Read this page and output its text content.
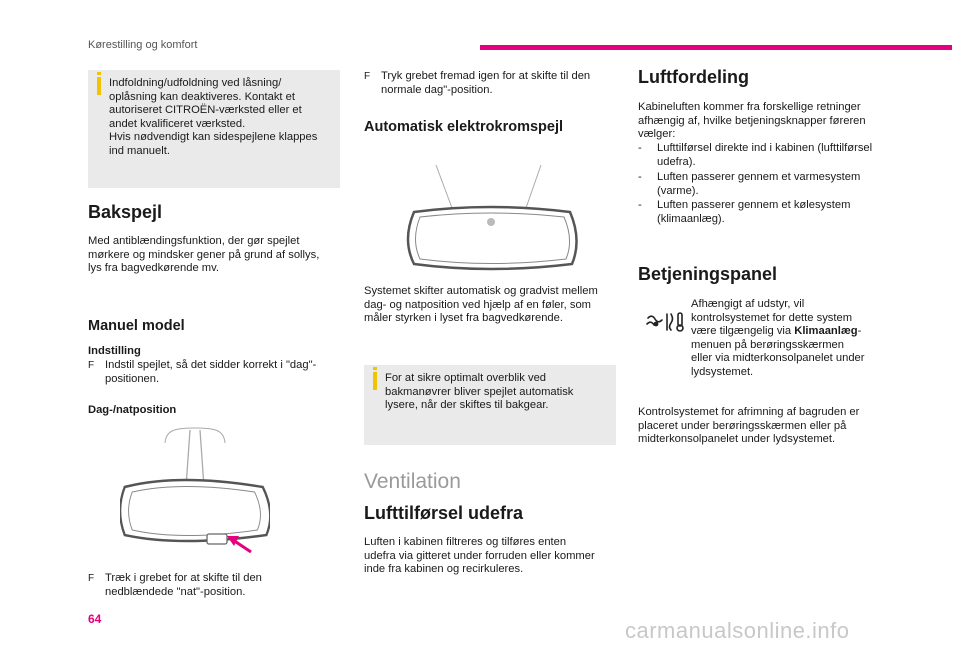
Kørestilling og komfort

Indfoldning/udfoldning ved låsning/
oplåsning kan deaktiveres. Kontakt et
autoriseret CITROËN-værksted eller et
andet kvalificeret værksted.
Hvis nødvendigt kan sidespejlene klappes
ind manuelt.

Bakspejl

Med antiblændingsfunktion, der gør spejlet
mørkere og mindsker gener på grund af sollys,
lys fra bagvedkørende mv.

Manuel model
Indstilling
F Indstil spejlet, så det sidder korrekt i "dag"-
positionen.
Dag-/natposition
F Træk i grebet for at skifte til den
nedblændede "nat"-position.
F Tryk grebet fremad igen for at skifte til den
normale dag"-position.
Automatisk elektrokromspejl

Systemet skifter automatisk og gradvist mellem
dag- og natposition ved hjælp af en føler, som
måler styrken i lyset fra bagvedkørende.

For at sikre optimalt overblik ved
bakmanøvrer bliver spejlet automatisk
lysere, når der skiftes til bakgear.

Ventilation
Lufttilførsel udefra

Luften i kabinen filtreres og tilføres enten
udefra via gitteret under forruden eller kommer
inde fra kabinen og recirkuleres.

Luftfordeling

Kabineluften kommer fra forskellige retninger
afhængig af, hvilke betjeningsknapper føreren
vælger:

- Lufttilførsel direkte ind i kabinen (lufttilførsel
udefra).
- Luften passerer gennem et varmesystem
(varme).
- Luften passerer gennem et kølesystem
(klimaanlæg).
Betjeningspanel

Afhængigt af udstyr, vil
kontrolsystemet for dette system
være tilgængelig via Klimaanlæg-
menuen på berøringsskærmen
eller via midterkonsolpanelet under
lydsystemet.

Kontrolsystemet for afrimning af bagruden er
placeret under berøringsskærmen eller på
midterkonsolpanelet under lydsystemet.

64	carmanualsonline.info
